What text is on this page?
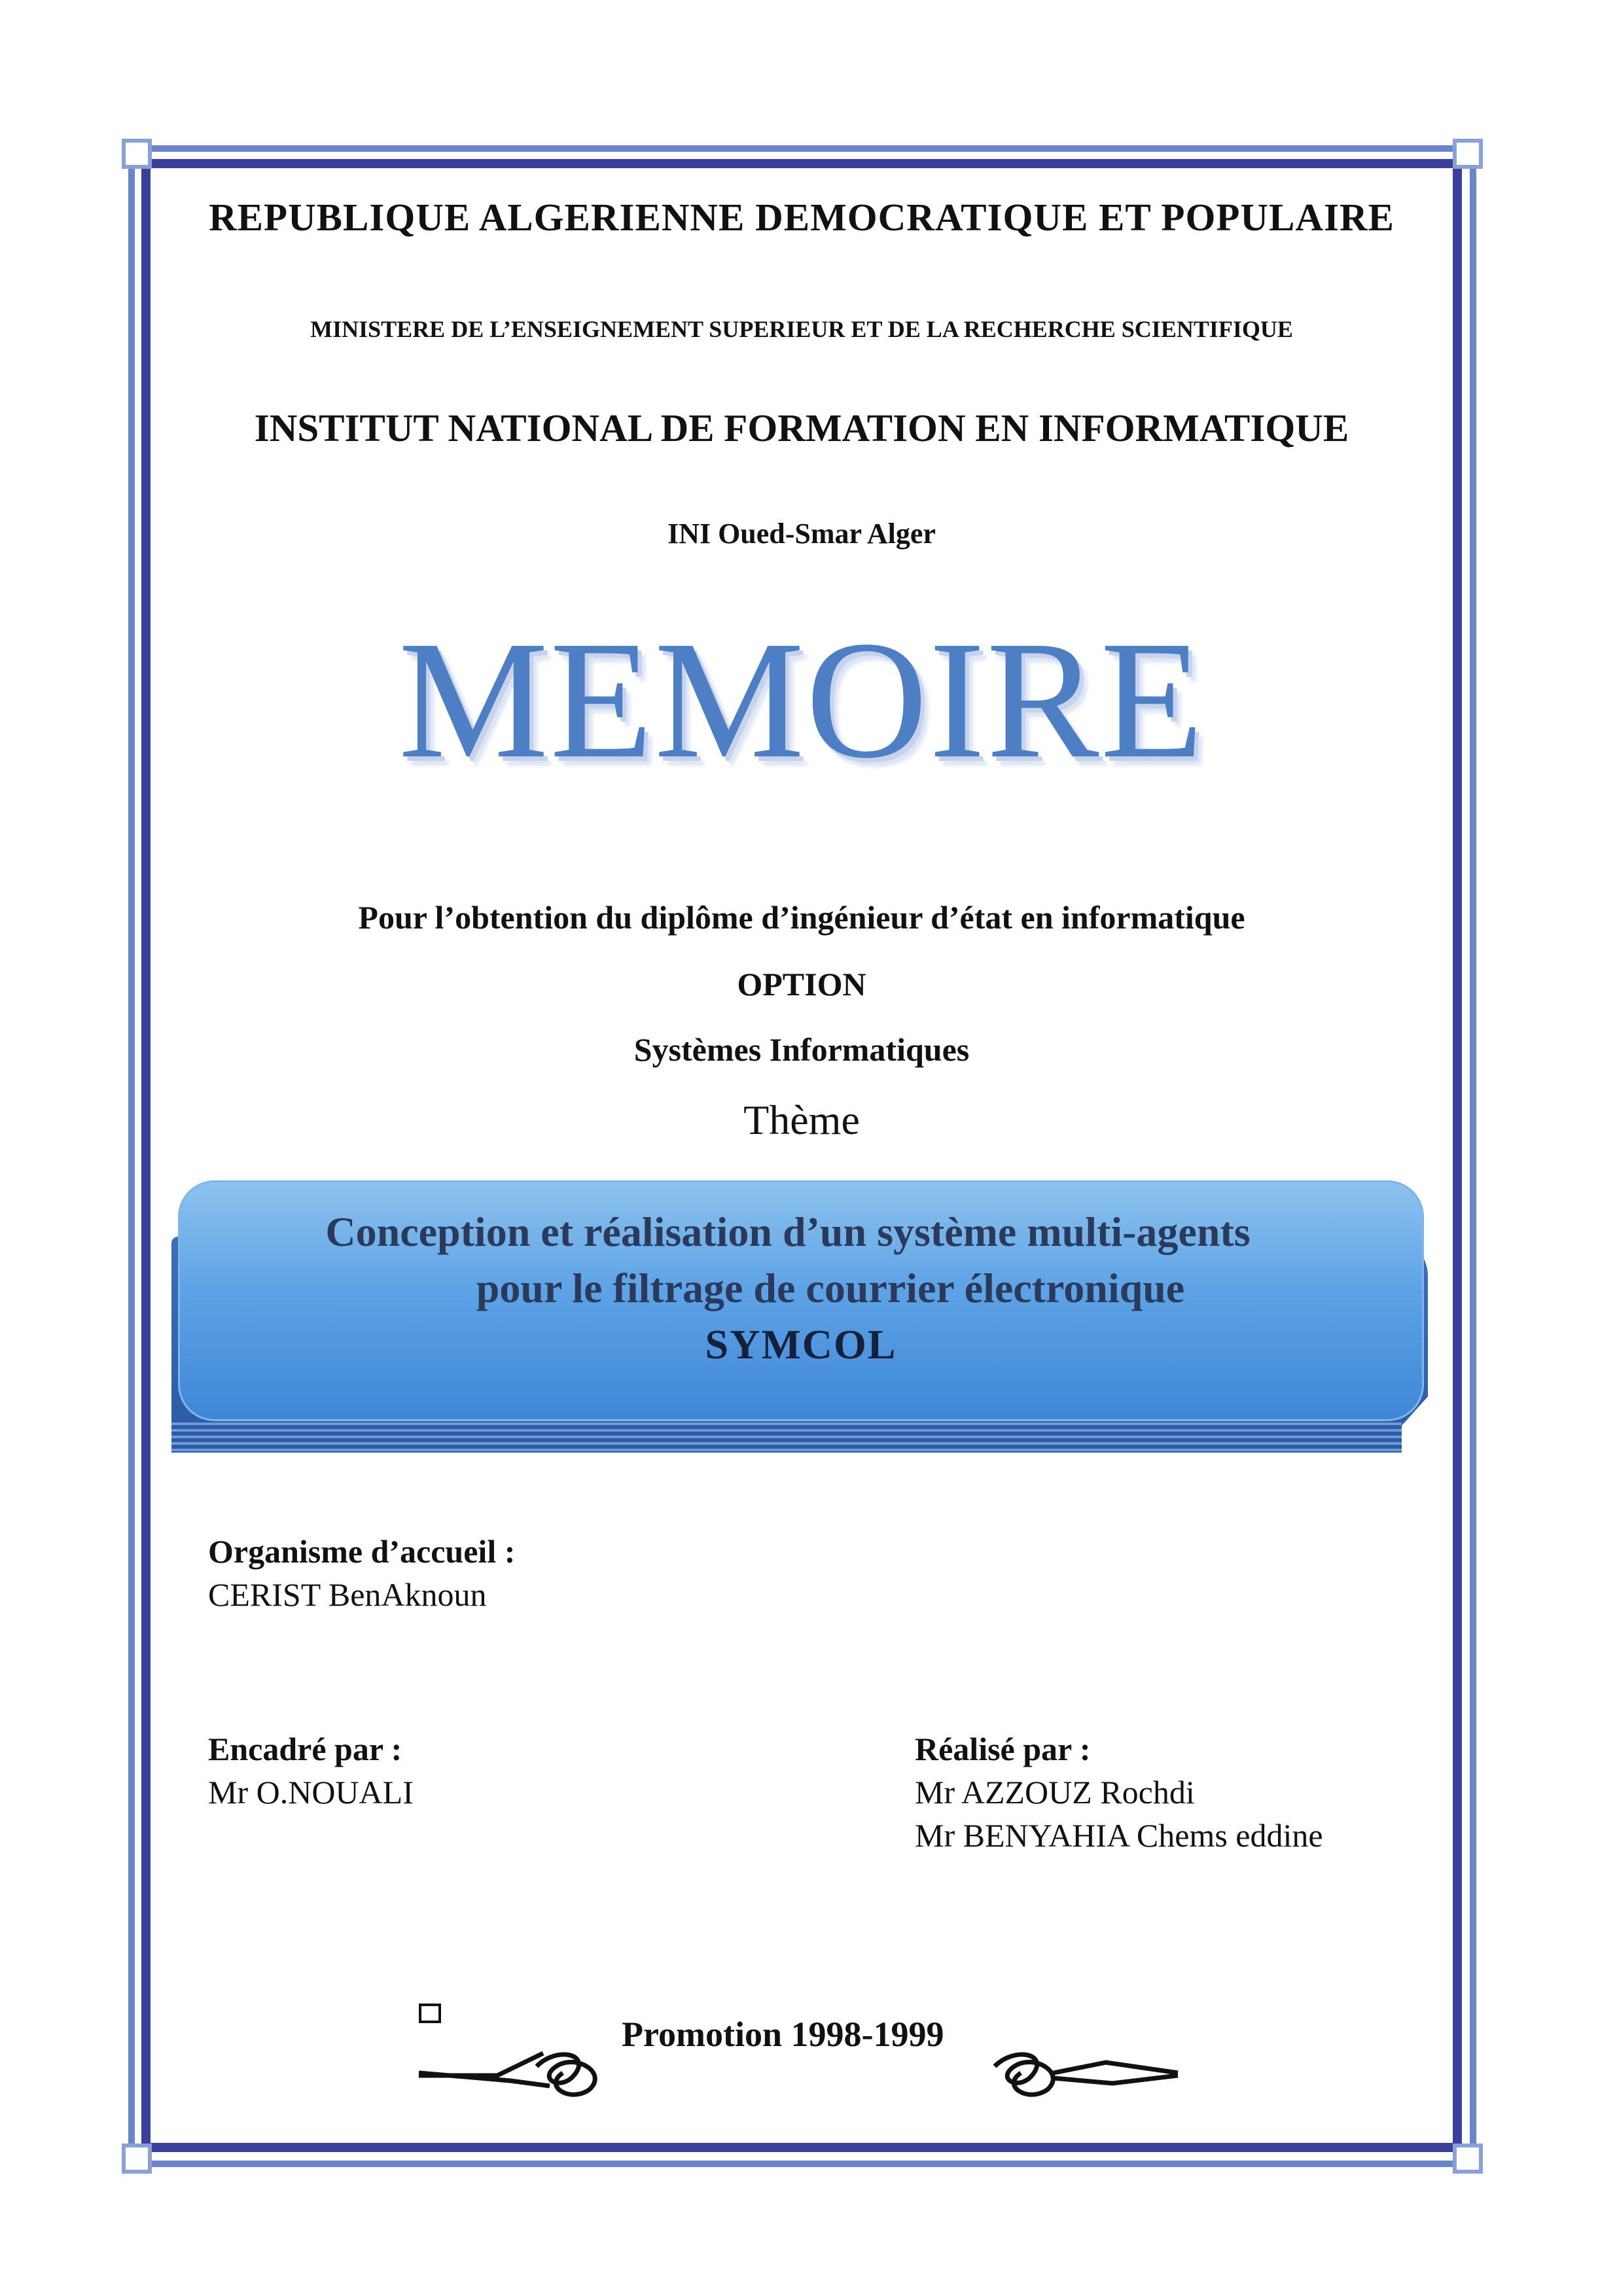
REPUBLIQUE ALGERIENNE DEMOCRATIQUE ET POPULAIRE

MINISTERE DE L’ENSEIGNEMENT SUPERIEUR ET DE LA RECHERCHE SCIENTIFIQUE

INSTITUT NATIONAL DE FORMATION EN INFORMATIQUE

INI Oued-Smar Alger

MEMOIRE

Pour l’obtention du diplôme d’ingénieur d’état en informatique

OPTION

Systèmes Informatiques

Thème

Conception et réalisation d’un système multi-agents
pour le filtrage de courrier électronique
SYMCOL

Organisme d’accueil :
CERIST BenAknoun
Encadré par :
Mr O.NOUALI
Réalisé par :
Mr AZZOUZ Rochdi
Mr BENYAHIA Chems eddine

Promotion 1998-1999
